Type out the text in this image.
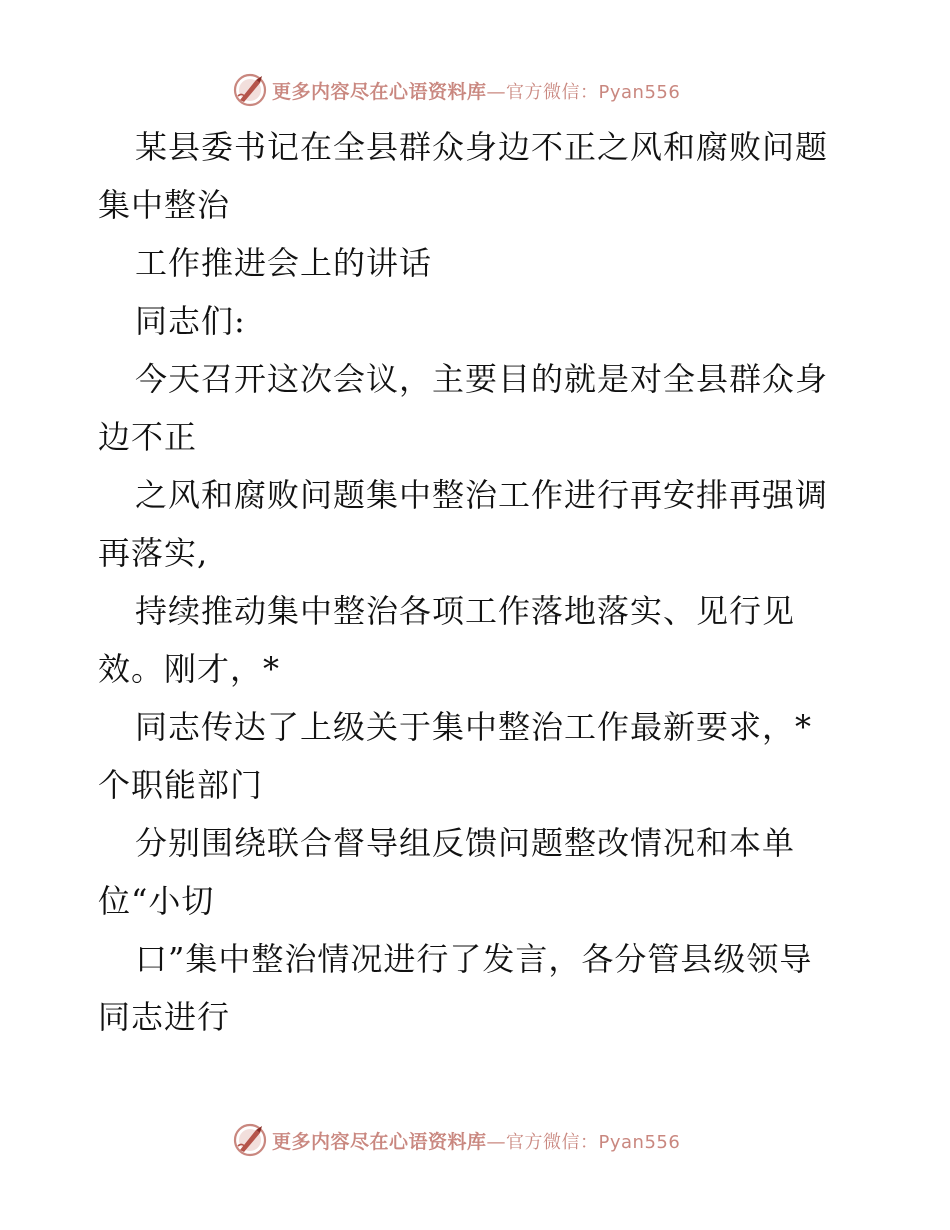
更多内容尽在心语资料库—官方微信：Pyan556
某县委书记在全县群众身边不正之风和腐败问题
集中整治
工作推进会上的讲话
同志们:
今天召开这次会议，主要目的就是对全县群众身
边不正
之风和腐败问题集中整治工作进行再安排再强调
再落实,
持续推动集中整治各项工作落地落实、见行见
效。刚才，*
同志传达了上级关于集中整治工作最新要求，*
个职能部门
分别围绕联合督导组反馈问题整改情况和本单
位“小切
口”集中整治情况进行了发言，各分管县级领导
同志进行
更多内容尽在心语资料库—官方微信：Pyan556
